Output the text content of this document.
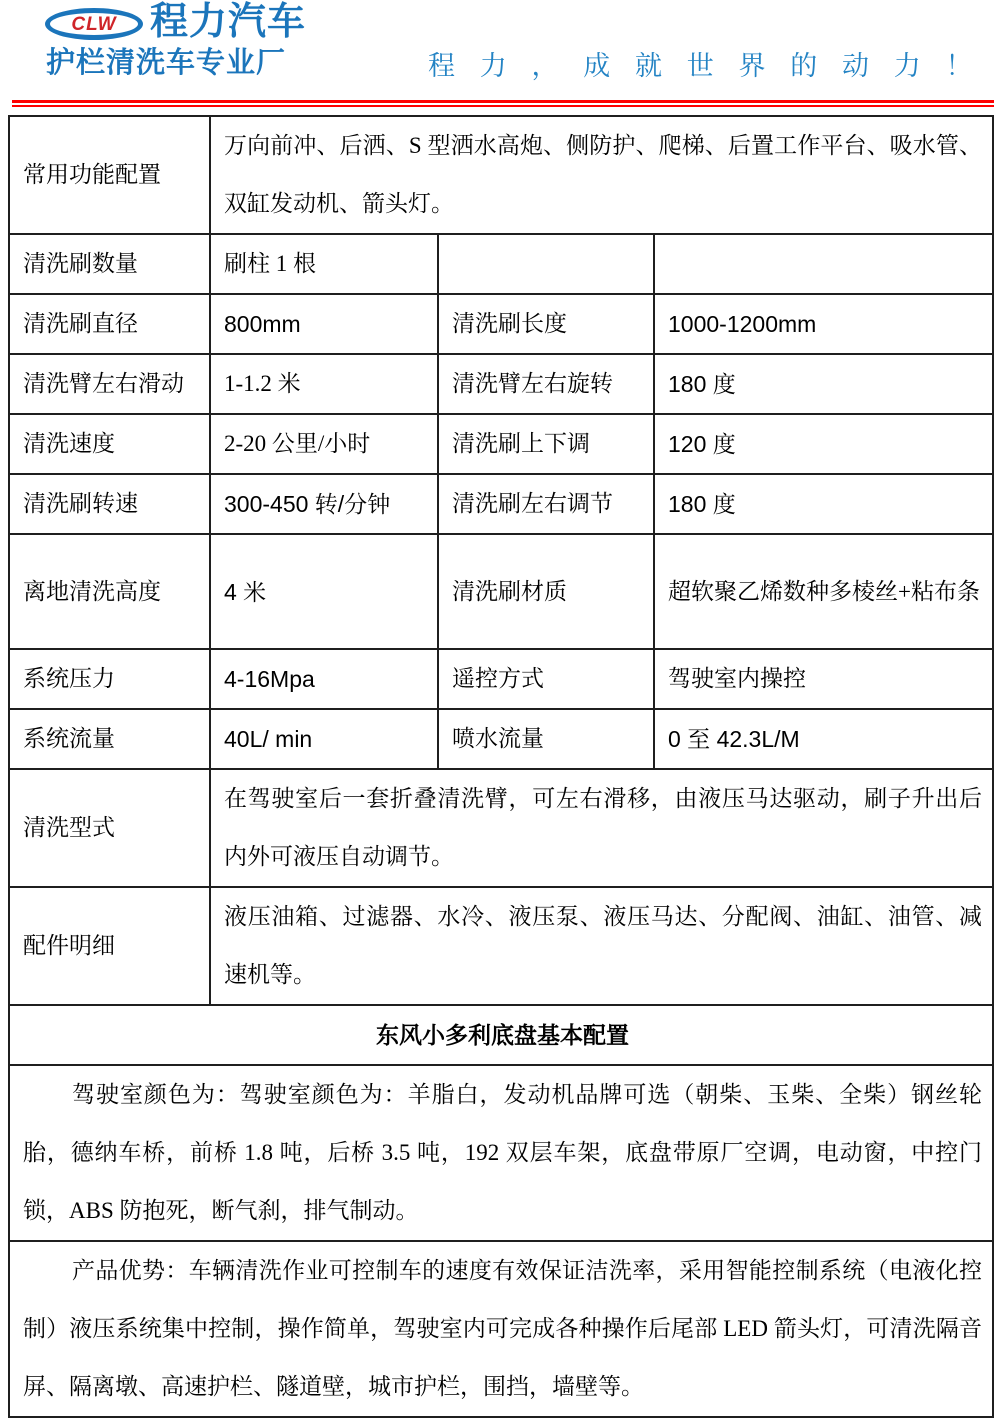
CLW 程力汽车
护栏清洗车专业厂	程 力 ， 成 就 世 界 的 动 力 ！
常用功能配置	万向前冲、后洒、S 型洒水高炮、侧防护、爬梯、后置工作平台、吸水管、双缸发动机、箭头灯。		
清洗刷数量	刷柱 1 根		
清洗刷直径	800mm	清洗刷长度	1000-1200mm
清洗臂左右滑动	1-1.2 米	清洗臂左右旋转	180 度
清洗速度	2-20 公里/小时	清洗刷上下调	120 度
清洗刷转速	300-450 转/分钟	清洗刷左右调节	180 度
离地清洗高度	4 米	清洗刷材质	超软聚乙烯数种多棱丝+粘布条
系统压力	4-16Mpa	遥控方式	驾驶室内操控
系统流量	40L/ min	喷水流量	0 至 42.3L/M
清洗型式	在驾驶室后一套折叠清洗臂，可左右滑移，由液压马达驱动，刷子升出后内外可液压自动调节。		
配件明细	液压油箱、过滤器、水冷、液压泵、液压马达、分配阀、油缸、油管、减速机等。		
东风小多利底盘基本配置			
驾驶室颜色为：驾驶室颜色为：羊脂白，发动机品牌可选（朝柴、玉柴、全柴）钢丝轮胎，德纳车桥，前桥 1.8 吨，后桥 3.5 吨，192 双层车架，底盘带原厂空调，电动窗，中控门锁，ABS 防抱死，断气刹，排气制动。			
产品优势：车辆清洗作业可控制车的速度有效保证洁洗率，采用智能控制系统（电液化控制）液压系统集中控制，操作简单，驾驶室内可完成各种操作后尾部 LED 箭头灯，可清洗隔音屏、隔离墩、高速护栏、隧道壁，城市护栏，围挡，墙壁等。			
